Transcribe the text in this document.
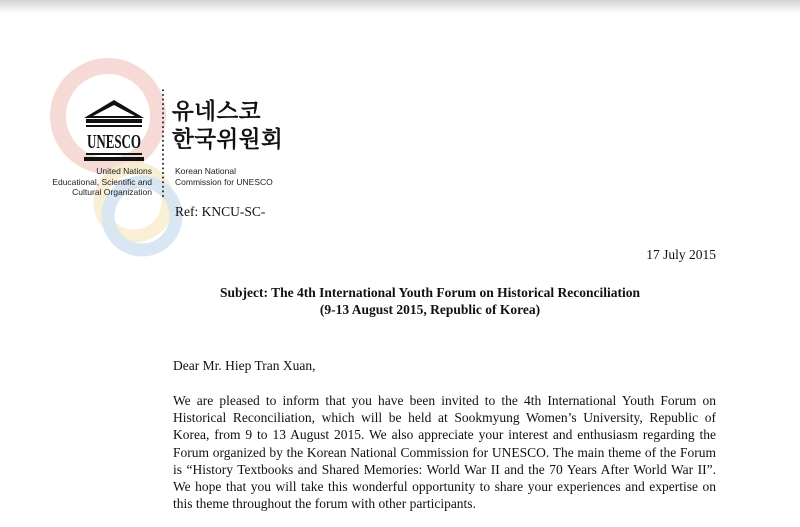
UNESCO
United Nations
Educational, Scientific and
Cultural Organization
유네스코
한국위원회
Korean National
Commission for UNESCO
Ref: KNCU-SC-
17 July 2015
Subject: The 4th International Youth Forum on Historical Reconciliation
(9-13 August 2015, Republic of Korea)
Dear Mr. Hiep Tran Xuan,
We are pleased to inform that you have been invited to the 4th International Youth Forum on Historical Reconciliation, which will be held at Sookmyung Women’s University, Republic of Korea, from 9 to 13 August 2015. We also appreciate your interest and enthusiasm regarding the Forum organized by the Korean National Commission for UNESCO. The main theme of the Forum is “History Textbooks and Shared Memories: World War II and the 70 Years After World War II”. We hope that you will take this wonderful opportunity to share your experiences and expertise on this theme throughout the forum with other participants.
